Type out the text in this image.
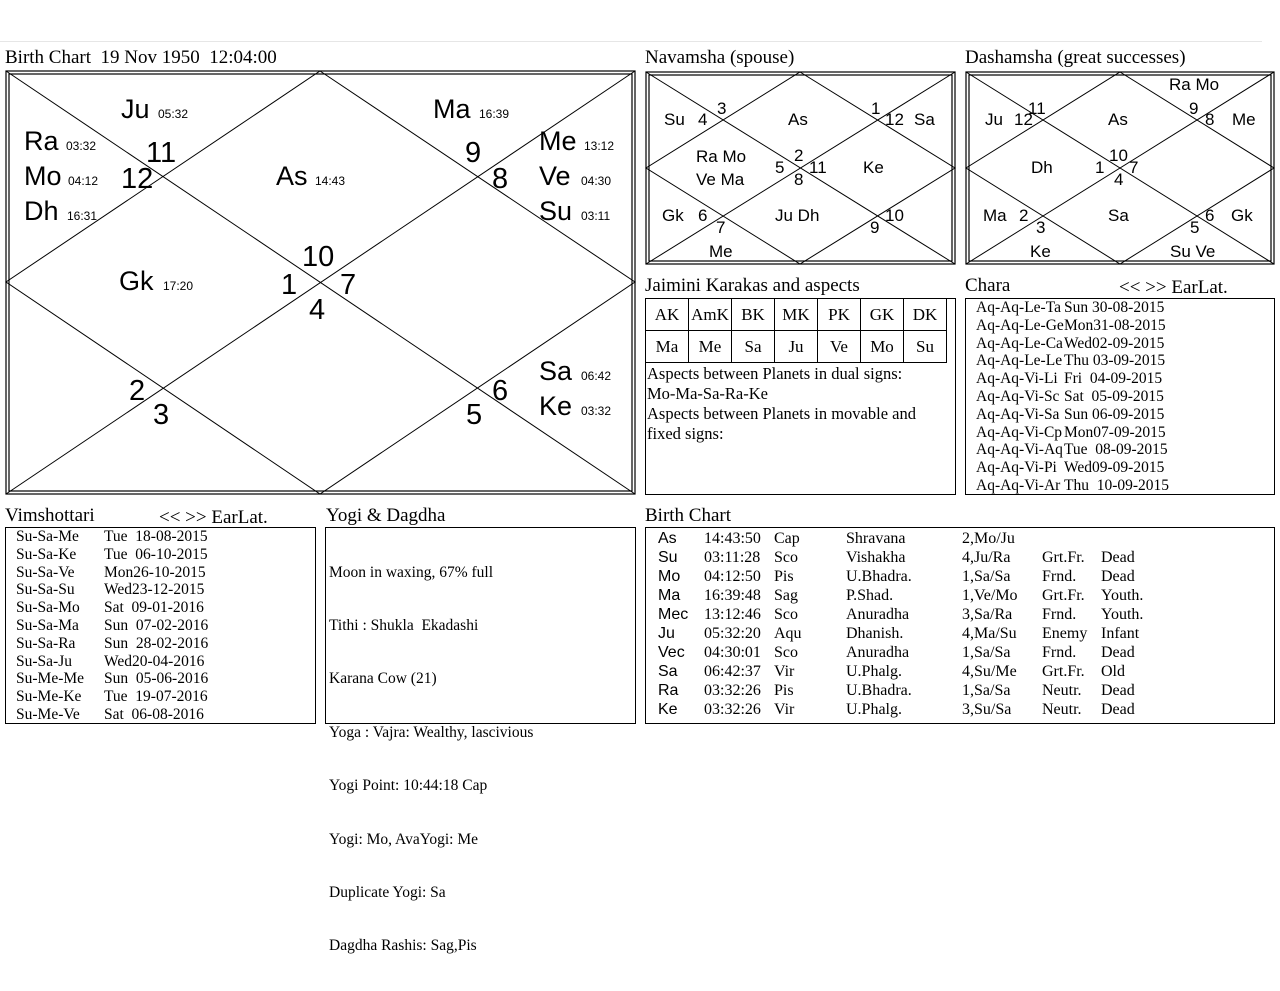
Birth Chart  19 Nov 1950  12:04:00
Ju 05:32
Ra 03:32
Mo 04:12
Dh 16:31
As 14:43
Ma 16:39
Me 13:12
Ve 04:30
Su 03:11
Gk 17:20
Sa 06:42
Ke 03:32
11
12
9
8
10
1 7
4
2
3
6
5
Navamsha (spouse)
Su	As	Sa
Ra Mo
Ve Ma
Ke
Gk	Ju Dh
Me
4
3	1
12
2
5
8
11
6
7
10
9
Dashamsha (great successes)
Ra Mo
Ju	As	Me
Dh
Ma	Sa	Gk
Ke	Su Ve
12
11	9
8
10
1 7
4
2
3	5
6
Jaimini Karakas and aspects
AK	AmK	BK	MK	PK	GK	DK
Ma	Me	Sa	Ju	Ve	Mo	Su
Aspects between Planets in dual signs:
Mo-Ma-Sa-Ra-Ke
Aspects between Planets in movable and fixed signs:
Chara	<< >> EarLat.
Aq-Aq-Le-Ta Sun 30-08-2015
Aq-Aq-Le-GeMon31-08-2015
Aq-Aq-Le-CaWed02-09-2015
Aq-Aq-Le-Le Thu 03-09-2015
Aq-Aq-Vi-Li Fri  04-09-2015
Aq-Aq-Vi-Sc Sat  05-09-2015
Aq-Aq-Vi-Sa Sun 06-09-2015
Aq-Aq-Vi-Cp Mon07-09-2015
Aq-Aq-Vi-AqTue  08-09-2015
Aq-Aq-Vi-Pi Wed09-09-2015
Aq-Aq-Vi-Ar Thu  10-09-2015
Vimshottari	<< >> EarLat.
Su-Sa-Me Tue  18-08-2015
Su-Sa-Ke Tue  06-10-2015
Su-Sa-Ve Mon26-10-2015
Su-Sa-Su Wed23-12-2015
Su-Sa-Mo Sat  09-01-2016
Su-Sa-Ma Sun  07-02-2016
Su-Sa-Ra Sun  28-02-2016
Su-Sa-Ju Wed20-04-2016
Su-Me-Me Sun  05-06-2016
Su-Me-Ke Tue  19-07-2016
Su-Me-Ve Sat  06-08-2016
Yogi & Dagdha

Moon in waxing, 67% full

Tithi : Shukla  Ekadashi

Karana Cow (21)

Yoga : Vajra: Wealthy, lascivious

Yogi Point: 10:44:18 Cap

Yogi: Mo, AvaYogi: Me

Duplicate Yogi: Sa

Dagdha Rashis: Sag,Pis

Birth Chart
As	14:43:50	Cap	Shravana	2,Mo/Ju		
Su	03:11:28	Sco	Vishakha	4,Ju/Ra	Grt.Fr.	Dead
Mo	04:12:50	Pis	U.Bhadra.	1,Sa/Sa	Frnd.	Dead
Ma	16:39:48	Sag	P.Shad.	1,Ve/Mo	Grt.Fr.	Youth.
Mec	13:12:46	Sco	Anuradha	3,Sa/Ra	Frnd.	Youth.
Ju	05:32:20	Aqu	Dhanish.	4,Ma/Su	Enemy	Infant
Vec	04:30:01	Sco	Anuradha	1,Sa/Sa	Frnd.	Dead
Sa	06:42:37	Vir	U.Phalg.	4,Su/Me	Grt.Fr.	Old
Ra	03:32:26	Pis	U.Bhadra.	1,Sa/Sa	Neutr.	Dead
Ke	03:32:26	Vir	U.Phalg.	3,Su/Sa	Neutr.	Dead
